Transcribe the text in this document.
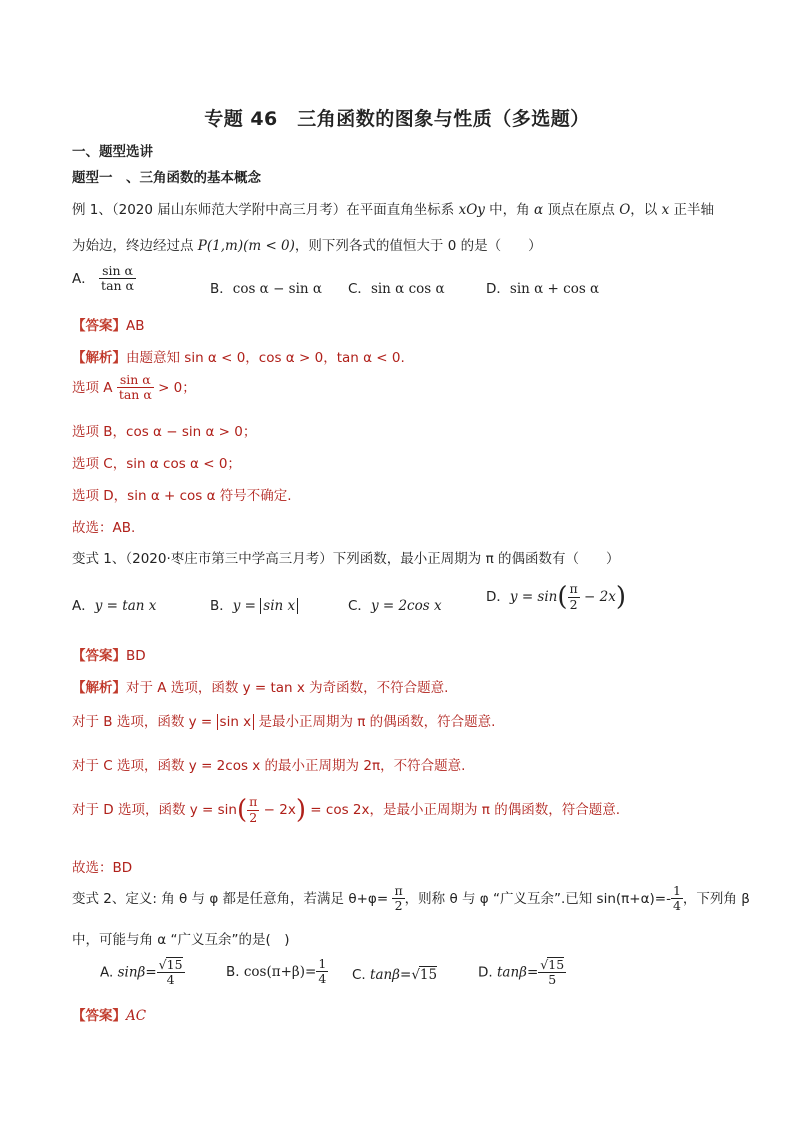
专题 46　三角函数的图象与性质（多选题）
一、题型选讲
题型一　、三角函数的基本概念
例 1、（2020 届山东师范大学附中高三月考）在平面直角坐标系 xOy 中，角 α 顶点在原点 O，以 x 正半轴
为始边，终边经过点 P(1,m)(m < 0)，则下列各式的值恒大于 0 的是（　　）
A． $\frac{\text{sin α}}{\text{tan α}}$	B．cos α − sin α C．sin α cos α	D．sin α + cos α
【答案】AB
【解析】由题意知 sin α < 0，cos α > 0，tan α < 0.
选项 A $\frac{\text{sin α}}{\text{tan α}} > 0$；
选项 B，cos α − sin α > 0；
选项 C，sin α cos α < 0；
选项 D，sin α + cos α 符号不确定.
故选：AB.
变式 1、（2020·枣庄市第三中学高三月考）下列函数，最小正周期为 π 的偶函数有（　　）
A．y = tan x	B．y = sin x	C．y = 2cos x
D．$y = \sin( \frac{\pi}{2} - 2x)$
【答案】BD
【解析】对于 A 选项，函数 y = tan x 为奇函数，不符合题意.
对于 B 选项，函数 y = sin x 是最小正周期为 π 的偶函数，符合题意.
对于 C 选项，函数 y = 2cos x 的最小正周期为 2π，不符合题意.
对于 D 选项，函数 $y = \sin( \frac{\pi}{2} - 2x) = \cos 2x$，是最小正周期为 π 的偶函数，符合题意.
故选：BD
变式 2、定义: 角 θ 与 φ 都是任意角，若满足 $\theta+\varphi= \frac{\pi}{2}$ ，则称 θ 与 φ “广义互余”.已知 $\sin(\pi+\alpha)=- \frac{1}{4}$ ，下列角 β
中，可能与角 α “广义互余”的是(　)
A. $\sin\beta= \frac{√15}{4}$	B. $\cos(\pi+\beta)= \frac{1}{4} C$. tanβ=√15	D. $\tan\beta= \frac{√15}{5}$
【答案】AC
